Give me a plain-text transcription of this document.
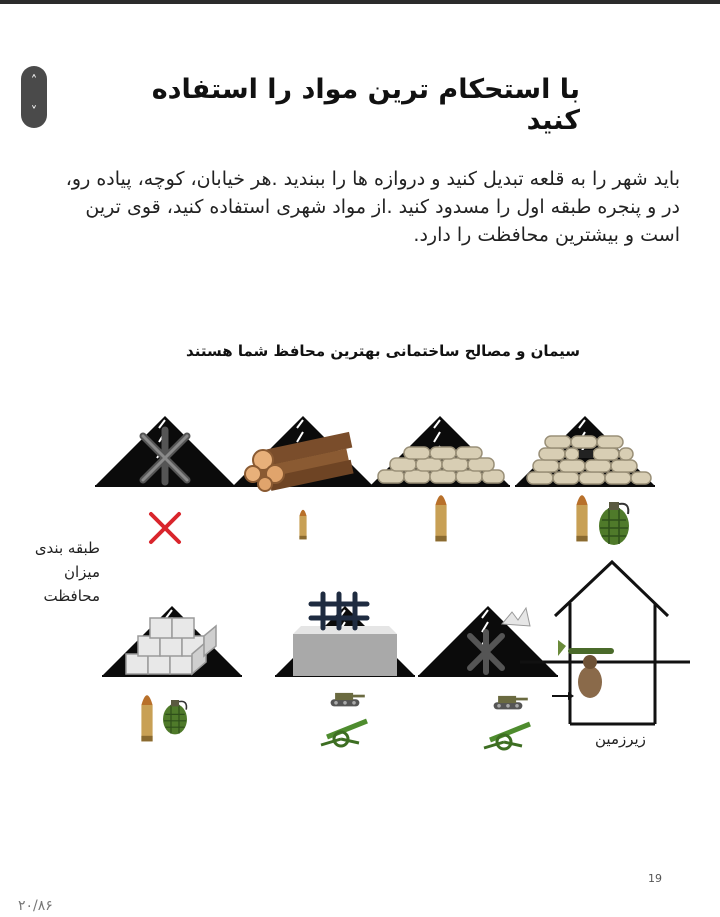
˄
˅
با استحکام ترین مواد را استفاده کنید

باید شهر را به قلعه تبدیل کنید و دروازه ها را ببندید .هر خیابان، کوچه، پیاده رو، در و پنجره طبقه اول را مسدود کنید .از مواد شهری استفاده کنید، قوی ترین است و بیشترین محافظت را دارد.

سیمان و مصالح ساختمانی بهترین محافظ شما هستند

طبقه بندی
میزان
محافظت
زیرزمین
19
۲۰/۸۶
